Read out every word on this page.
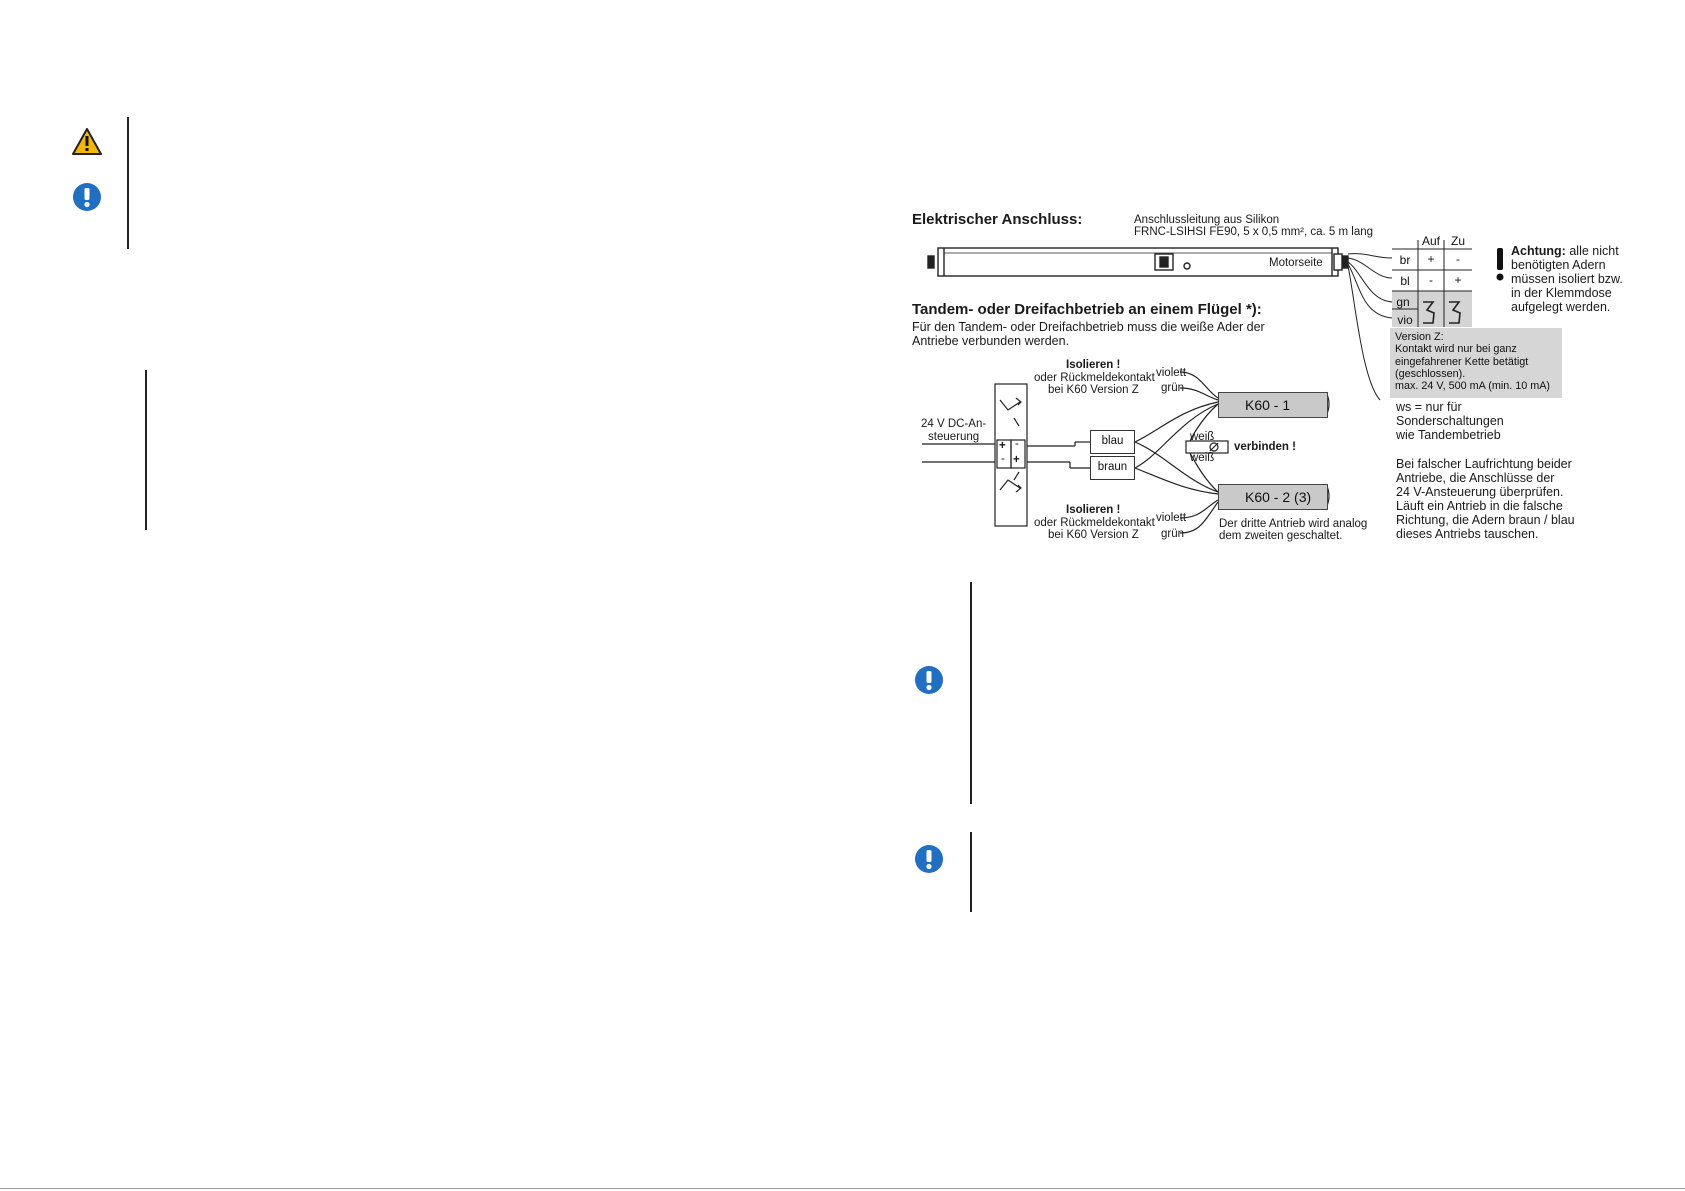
Elektrischer Anschluss:	Anschlussleitung aus Silikon
FRNC-LSIHSI FE90, 5 x 0,5 mm², ca. 5 m lang
Motorseite
Auf Zu
br	+	-
bl	-	+
gn
vio
Achtung: alle nicht
benötigten Adern
müssen isoliert bzw.
in der Klemmdose
aufgelegt werden.
Version Z:
Kontakt wird nur bei ganz
eingefahrener Kette betätigt
(geschlossen).
max. 24 V, 500 mA (min. 10 mA)
ws = nur für
Sonderschaltungen
wie Tandembetrieb
Bei falscher Laufrichtung beider
Antriebe, die Anschlüsse der
24 V-Ansteuerung überprüfen.
Läuft ein Antrieb in die falsche
Richtung, die Adern braun / blau
dieses Antriebs tauschen.
Tandem- oder Dreifachbetrieb an einem Flügel *):
Für den Tandem- oder Dreifachbetrieb muss die weiße Ader der
Antriebe verbunden werden.
Isolieren !
oder Rückmeldekontakt
bei K60 Version Z
violett
grün
24 V DC-An-
steuerung
+
-
-
+
blau
braun
weiß
weiß
verbinden !
K60 - 1
K60 - 2 (3)
Isolieren !
oder Rückmeldekontakt
bei K60 Version Z
violett
grün
Der dritte Antrieb wird analog
dem zweiten geschaltet.
